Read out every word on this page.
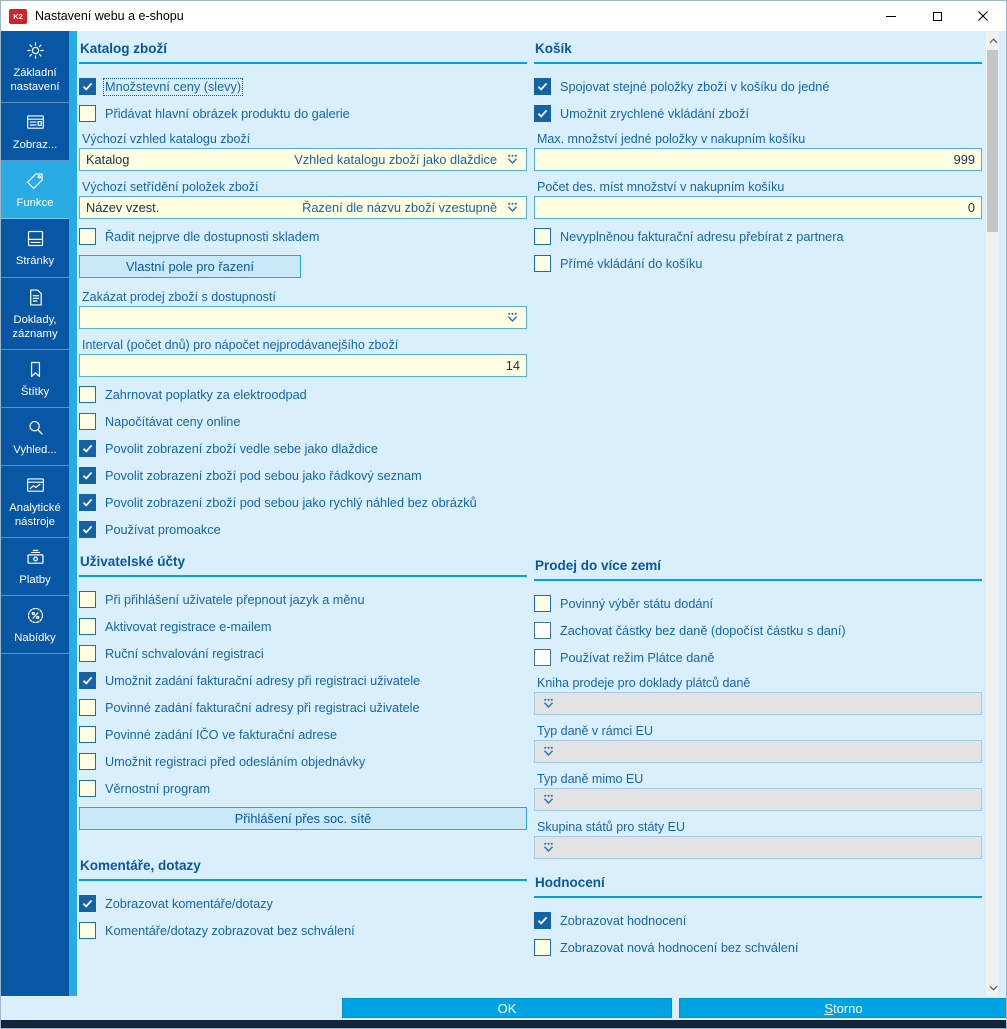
K2 Nastavení webu a e-shopu
Základní nastavení
Zobraz...
Funkce
Stránky
Doklady, záznamy
Štítky
Vyhled...
Analytické nástroje
Platby
Nabídky
Katalog zboží
Množstevní ceny (slevy)
Přidávat hlavní obrázek produktu do galerie
Výchozí vzhled katalogu zboží
Katalog	Vzhled katalogu zboží jako dlaždice
Výchozí setřídění položek zboží
Název vzest.	Řazení dle názvu zboží vzestupně
Řadit nejprve dle dostupnosti skladem
Vlastní pole pro řazení
Zakázat prodej zboží s dostupností
Interval (počet dnů) pro nápočet nejprodávanejšího zboží
14
Zahrnovat poplatky za elektroodpad
Napočítávat ceny online
Povolit zobrazení zboží vedle sebe jako dlaždice
Povolit zobrazení zboží pod sebou jako řádkový seznam
Povolit zobrazení zboží pod sebou jako rychlý náhled bez obrázků
Používat promoakce
Uživatelské účty
Při přihlášení uživatele přepnout jazyk a měnu
Aktivovat registrace e-mailem
Ruční schvalování registraci
Umožnit zadání fakturační adresy při registraci uživatele
Povinné zadání fakturační adresy při registraci uživatele
Povinné zadání IČO ve fakturační adrese
Umožnit registraci před odesláním objednávky
Věrnostní program
Přihlášení přes soc. sítě
Komentáře, dotazy
Zobrazovat komentáře/dotazy
Komentáře/dotazy zobrazovat bez schválení
Košík
Spojovat stejné položky zboží v košíku do jedné
Umožnit zrychlené vkládání zboží
Max. množství jedné položky v nakupním košíku
999
Počet des. míst množství v nakupním košíku
0
Nevyplněnou fakturační adresu přebírat z partnera
Přímé vkládání do košíku
Prodej do více zemí
Povinný výběr státu dodání
Zachovat částky bez daně (dopočíst částku s daní)
Používat režim Plátce daně
Kniha prodeje pro doklady plátců daně
Typ daně v rámci EU
Typ daně mimo EU
Skupina států pro státy EU
Hodnocení
Zobrazovat hodnocení
Zobrazovat nová hodnocení bez schválení
OK	Storno
